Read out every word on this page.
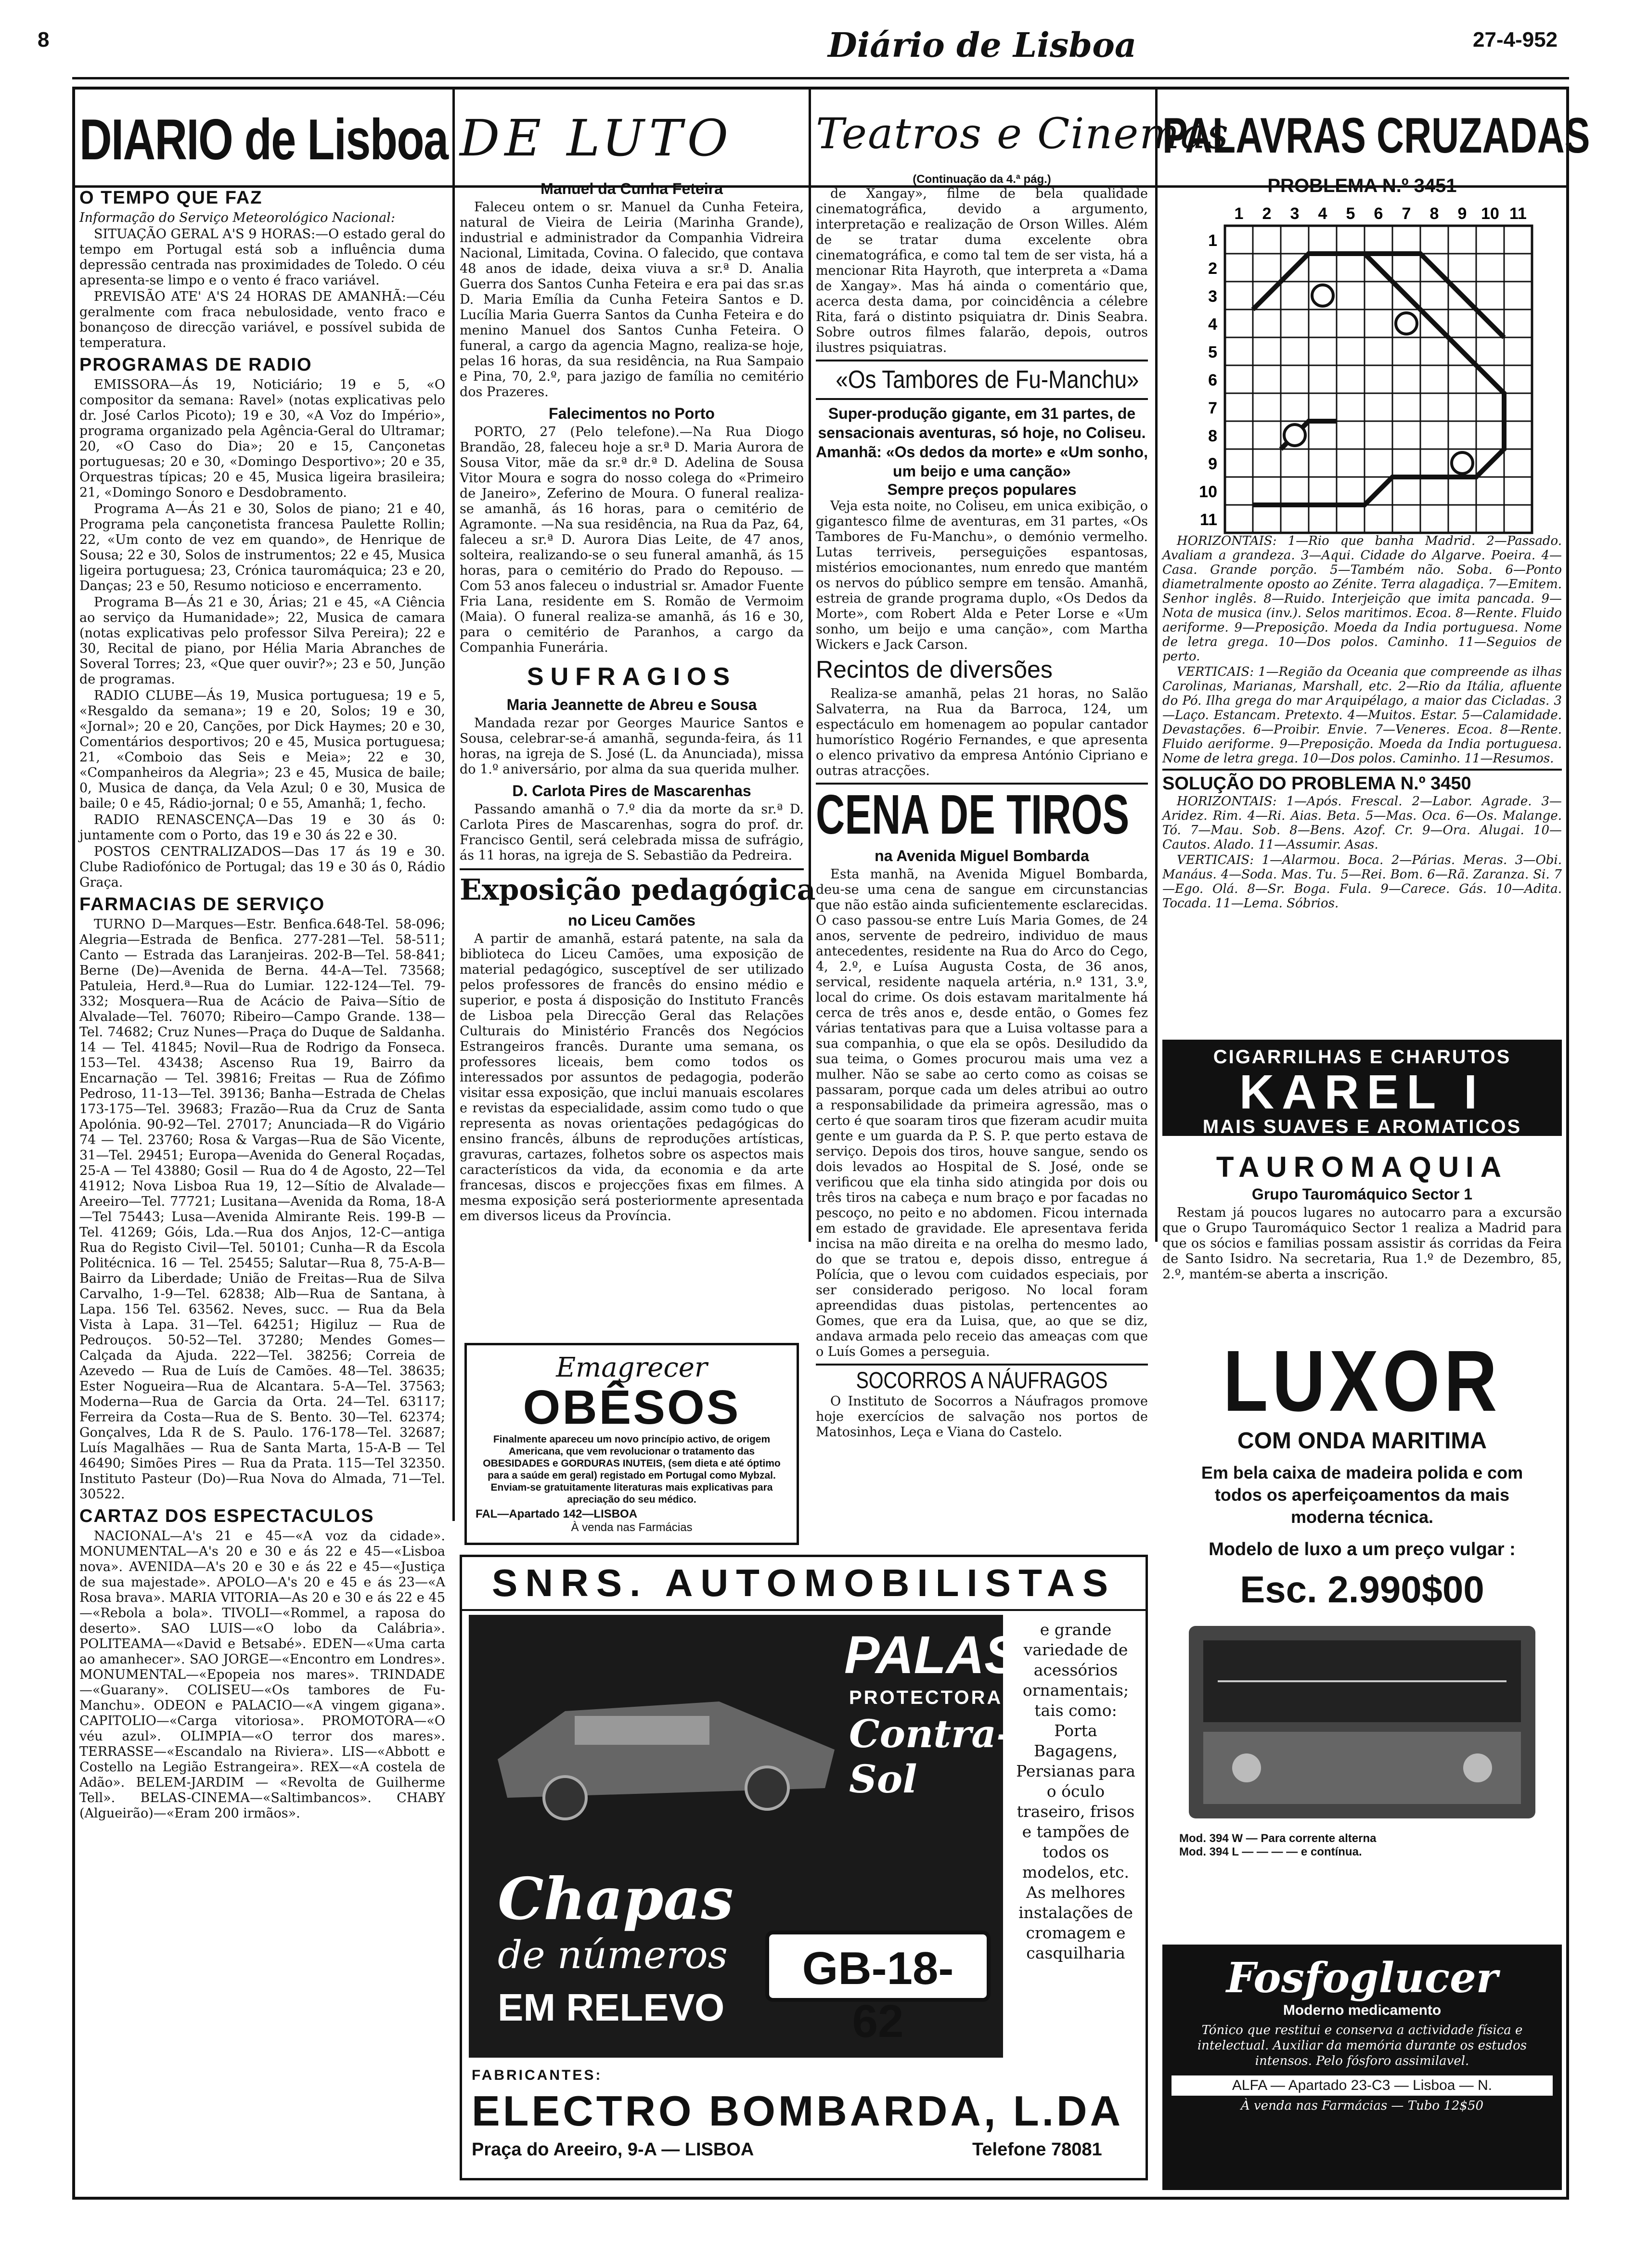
8	Diário de Lisboa	27-4-952
DIARIO de Lisboa
O TEMPO QUE FAZ

Informação do Serviço Meteorológico Nacional:

SITUAÇÃO GERAL A'S 9 HORAS:—O estado geral do tempo em Portugal está sob a influência duma depressão centrada nas proximidades de Toledo. O céu apresenta-se limpo e o vento é fraco variável.

PREVISÃO ATE' A'S 24 HORAS DE AMANHÃ:—Céu geralmente com fraca nebulosidade, vento fraco e bonançoso de direcção variável, e possível subida de temperatura.

PROGRAMAS DE RADIO

EMISSORA—Ás 19, Noticiário; 19 e 5, «O compositor da semana: Ravel» (notas explicativas pelo dr. José Carlos Picoto); 19 e 30, «A Voz do Império», programa organizado pela Agência-Geral do Ultramar; 20, «O Caso do Dia»; 20 e 15, Cançonetas portuguesas; 20 e 30, «Domingo Desportivo»; 20 e 35, Orquestras típicas; 20 e 45, Musica ligeira brasileira; 21, «Domingo Sonoro e Desdobramento.

Programa A—Ás 21 e 30, Solos de piano; 21 e 40, Programa pela cançonetista francesa Paulette Rollin; 22, «Um conto de vez em quando», de Henrique de Sousa; 22 e 30, Solos de instrumentos; 22 e 45, Musica ligeira portuguesa; 23, Crónica tauromáquica; 23 e 20, Danças; 23 e 50, Resumo noticioso e encerramento.

Programa B—Ás 21 e 30, Árias; 21 e 45, «A Ciência ao serviço da Humanidade»; 22, Musica de camara (notas explicativas pelo professor Silva Pereira); 22 e 30, Recital de piano, por Hélia Maria Abranches de Soveral Torres; 23, «Que quer ouvir?»; 23 e 50, Junção de programas.

RADIO CLUBE—Ás 19, Musica portuguesa; 19 e 5, «Resgaldo da semana»; 19 e 20, Solos; 19 e 30, «Jornal»; 20 e 20, Canções, por Dick Haymes; 20 e 30, Comentários desportivos; 20 e 45, Musica portuguesa; 21, «Comboio das Seis e Meia»; 22 e 30, «Companheiros da Alegria»; 23 e 45, Musica de baile; 0, Musica de dança, da Vela Azul; 0 e 30, Musica de baile; 0 e 45, Rádio-jornal; 0 e 55, Amanhã; 1, fecho.

RADIO RENASCENÇA—Das 19 e 30 ás 0: juntamente com o Porto, das 19 e 30 ás 22 e 30.

POSTOS CENTRALIZADOS—Das 17 ás 19 e 30. Clube Radiofónico de Portugal; das 19 e 30 ás 0, Rádio Graça.

FARMACIAS DE SERVIÇO

TURNO D—Marques—Estr. Benfica.648-Tel. 58-096; Alegria—Estrada de Benfica. 277-281—Tel. 58-511; Canto — Estrada das Laranjeiras. 202-B—Tel. 58-841; Berne (De)—Avenida de Berna. 44-A—Tel. 73568; Patuleia, Herd.ª—Rua do Lumiar. 122-124—Tel. 79-332; Mosquera—Rua de Acácio de Paiva—Sítio de Alvalade—Tel. 76070; Ribeiro—Campo Grande. 138—Tel. 74682; Cruz Nunes—Praça do Duque de Saldanha. 14 — Tel. 41845; Novil—Rua de Rodrigo da Fonseca. 153—Tel. 43438; Ascenso Rua 19, Bairro da Encarnação — Tel. 39816; Freitas — Rua de Zófimo Pedroso, 11-13—Tel. 39136; Banha—Estrada de Chelas 173-175—Tel. 39683; Frazão—Rua da Cruz de Santa Apolónia. 90-92—Tel. 27017; Anunciada—R do Vigário 74 — Tel. 23760; Rosa & Vargas—Rua de São Vicente, 31—Tel. 29451; Europa—Avenida do General Roçadas, 25-A — Tel 43880; Gosil — Rua do 4 de Agosto, 22—Tel 41912; Nova Lisboa Rua 19, 12—Sítio de Alvalade—Areeiro—Tel. 77721; Lusitana—Avenida da Roma, 18-A—Tel 75443; Lusa—Avenida Almirante Reis. 199-B — Tel. 41269; Góis, Lda.—Rua dos Anjos, 12-C—antiga Rua do Registo Civil—Tel. 50101; Cunha—R da Escola Politécnica. 16 — Tel. 25455; Salutar—Rua 8, 75-A-B—Bairro da Liberdade; União de Freitas—Rua de Silva Carvalho, 1-9—Tel. 62838; Alb—Rua de Santana, à Lapa. 156 Tel. 63562. Neves, succ. — Rua da Bela Vista à Lapa. 31—Tel. 64251; Higiluz — Rua de Pedrouços. 50-52—Tel. 37280; Mendes Gomes—Calçada da Ajuda. 222—Tel. 38256; Correia de Azevedo — Rua de Luís de Camões. 48—Tel. 38635; Ester Nogueira—Rua de Alcantara. 5-A—Tel. 37563; Moderna—Rua de Garcia da Orta. 24—Tel. 63117; Ferreira da Costa—Rua de S. Bento. 30—Tel. 62374; Gonçalves, Lda R de S. Paulo. 176-178—Tel. 32687; Luís Magalhães — Rua de Santa Marta, 15-A-B — Tel 46490; Simões Pires — Rua da Prata. 115—Tel 32350. Instituto Pasteur (Do)—Rua Nova do Almada, 71—Tel. 30522.

CARTAZ DOS ESPECTACULOS

NACIONAL—A's 21 e 45—«A voz da cidade». MONUMENTAL—A's 20 e 30 e ás 22 e 45—«Lisboa nova». AVENIDA—A's 20 e 30 e ás 22 e 45—«Justiça de sua majestade». APOLO—A's 20 e 45 e ás 23—«A Rosa brava». MARIA VITORIA—As 20 e 30 e ás 22 e 45—«Rebola a bola». TIVOLI—«Rommel, a raposa do deserto». SAO LUIS—«O lobo da Calábria». POLITEAMA—«David e Betsabé». EDEN—«Uma carta ao amanhecer». SAO JORGE—«Encontro em Londres». MONUMENTAL—«Epopeia nos mares». TRINDADE—«Guarany». COLISEU—«Os tambores de Fu-Manchu». ODEON e PALACIO—«A vingem gigana». CAPITOLIO—«Carga vitoriosa». PROMOTORA—«O véu azul». OLIMPIA—«O terror dos mares». TERRASSE—«Escandalo na Riviera». LIS—«Abbott e Costello na Legião Estrangeira». REX—«A costela de Adão». BELEM-JARDIM — «Revolta de Guilherme Tell». BELAS-CINEMA—«Saltimbancos». CHABY (Algueirão)—«Eram 200 irmãos».

DE LUTO
Manuel da Cunha Feteira

Faleceu ontem o sr. Manuel da Cunha Feteira, natural de Vieira de Leiria (Marinha Grande), industrial e administrador da Companhia Vidreira Nacional, Limitada, Covina. O falecido, que contava 48 anos de idade, deixa viuva a sr.ª D. Analia Guerra dos Santos Cunha Feteira e era pai das sr.as D. Maria Emília da Cunha Feteira Santos e D. Lucília Maria Guerra Santos da Cunha Feteira e do menino Manuel dos Santos Cunha Feteira. O funeral, a cargo da agencia Magno, realiza-se hoje, pelas 16 horas, da sua residência, na Rua Sampaio e Pina, 70, 2.º, para jazigo de família no cemitério dos Prazeres.

Falecimentos no Porto

PORTO, 27 (Pelo telefone).—Na Rua Diogo Brandão, 28, faleceu hoje a sr.ª D. Maria Aurora de Sousa Vitor, mãe da sr.ª dr.ª D. Adelina de Sousa Vitor Moura e sogra do nosso colega do «Primeiro de Janeiro», Zeferino de Moura. O funeral realiza-se amanhã, ás 16 horas, para o cemitério de Agramonte. —Na sua residência, na Rua da Paz, 64, faleceu a sr.ª D. Aurora Dias Leite, de 47 anos, solteira, realizando-se o seu funeral amanhã, ás 15 horas, para o cemitério do Prado do Repouso. —Com 53 anos faleceu o industrial sr. Amador Fuente Fria Lana, residente em S. Romão de Vermoim (Maia). O funeral realiza-se amanhã, ás 16 e 30, para o cemitério de Paranhos, a cargo da Companhia Funerária.

SUFRAGIOS
Maria Jeannette de Abreu e Sousa

Mandada rezar por Georges Maurice Santos e Sousa, celebrar-se-á amanhã, segunda-feira, ás 11 horas, na igreja de S. José (L. da Anunciada), missa do 1.º aniversário, por alma da sua querida mulher.

D. Carlota Pires de Mascarenhas

Passando amanhã o 7.º dia da morte da sr.ª D. Carlota Pires de Mascarenhas, sogra do prof. dr. Francisco Gentil, será celebrada missa de sufrágio, ás 11 horas, na igreja de S. Sebastião da Pedreira.

Exposição pedagógica
no Liceu Camões

A partir de amanhã, estará patente, na sala da biblioteca do Liceu Camões, uma exposição de material pedagógico, susceptível de ser utilizado pelos professores de francês do ensino médio e superior, e posta á disposição do Instituto Francês de Lisboa pela Direcção Geral das Relações Culturais do Ministério Francês dos Negócios Estrangeiros francês. Durante uma semana, os professores liceais, bem como todos os interessados por assuntos de pedagogia, poderão visitar essa exposição, que inclui manuais escolares e revistas da especialidade, assim como tudo o que representa as novas orientações pedagógicas do ensino francês, álbuns de reproduções artísticas, gravuras, cartazes, folhetos sobre os aspectos mais característicos da vida, da economia e da arte francesas, discos e projecções fixas em filmes. A mesma exposição será posteriormente apresentada em diversos liceus da Província.

Emagrecer
OBÊSOS
Finalmente apareceu um novo princípio activo, de origem Americana, que vem revolucionar o tratamento das OBESIDADES e GORDURAS INUTEIS, (sem dieta e até óptimo para a saúde em geral) registado em Portugal como Mybzal. Enviam-se gratuitamente literaturas mais explicativas para apreciação do seu médico.
FAL—Apartado 142—LISBOA
À venda nas Farmácias
Teatros e Cinemas
(Continuação da 4.ª pág.)

de Xangay», filme de bela qualidade cinematográfica, devido a argumento, interpretação e realização de Orson Willes. Além de se tratar duma excelente obra cinematográfica, e como tal tem de ser vista, há a mencionar Rita Hayroth, que interpreta a «Dama de Xangay». Mas há ainda o comentário que, acerca desta dama, por coincidência a célebre Rita, fará o distinto psiquiatra dr. Dinis Seabra. Sobre outros filmes falarão, depois, outros ilustres psiquiatras.

«Os Tambores de Fu-Manchu»
Super-produção gigante, em 31 partes, de sensacionais aventuras, só hoje, no Coliseu. Amanhã: «Os dedos da morte» e «Um sonho, um beijo e uma canção»
Sempre preços populares

Veja esta noite, no Coliseu, em unica exibição, o gigantesco filme de aventuras, em 31 partes, «Os Tambores de Fu-Manchu», o demónio vermelho. Lutas terriveis, perseguições espantosas, mistérios emocionantes, num enredo que mantém os nervos do público sempre em tensão. Amanhã, estreia de grande programa duplo, «Os Dedos da Morte», com Robert Alda e Peter Lorse e «Um sonho, um beijo e uma canção», com Martha Wickers e Jack Carson.

Recintos de diversões

Realiza-se amanhã, pelas 21 horas, no Salão Salvaterra, na Rua da Barroca, 124, um espectáculo em homenagem ao popular cantador humorístico Rogério Fernandes, e que apresenta o elenco privativo da empresa António Cipriano e outras atracções.

CENA DE TIROS
na Avenida Miguel Bombarda

Esta manhã, na Avenida Miguel Bombarda, deu-se uma cena de sangue em circunstancias que não estão ainda suficientemente esclarecidas. O caso passou-se entre Luís Maria Gomes, de 24 anos, servente de pedreiro, individuo de maus antecedentes, residente na Rua do Arco do Cego, 4, 2.º, e Luísa Augusta Costa, de 36 anos, servical, residente naquela artéria, n.º 131, 3.º, local do crime. Os dois estavam maritalmente há cerca de três anos e, desde então, o Gomes fez várias tentativas para que a Luisa voltasse para a sua companhia, o que ela se opôs. Desiludido da sua teima, o Gomes procurou mais uma vez a mulher. Não se sabe ao certo como as coisas se passaram, porque cada um deles atribui ao outro a responsabilidade da primeira agressão, mas o certo é que soaram tiros que fizeram acudir muita gente e um guarda da P. S. P. que perto estava de serviço. Depois dos tiros, houve sangue, sendo os dois levados ao Hospital de S. José, onde se verificou que ela tinha sido atingida por dois ou três tiros na cabeça e num braço e por facadas no pescoço, no peito e no abdomen. Ficou internada em estado de gravidade. Ele apresentava ferida incisa na mão direita e na orelha do mesmo lado, do que se tratou e, depois disso, entregue á Polícia, que o levou com cuidados especiais, por ser considerado perigoso. No local foram apreendidas duas pistolas, pertencentes ao Gomes, que era da Luisa, que, ao que se diz, andava armada pelo receio das ameaças com que o Luís Gomes a perseguia.

SOCORROS A NÁUFRAGOS

O Instituto de Socorros a Náufragos promove hoje exercícios de salvação nos portos de Matosinhos, Leça e Viana do Castelo.

PALAVRAS CRUZADAS
PROBLEMA N.º 3451
1 2 3 4 5 6 7 8 9 10 11
1
2
3
4
5
6
7
8
9
10
11

HORIZONTAIS: 1—Rio que banha Madrid. 2—Passado. Avaliam a grandeza. 3—Aqui. Cidade do Algarve. Poeira. 4—Casa. Grande porção. 5—Também não. Soba. 6—Ponto diametralmente oposto ao Zénite. Terra alagadiça. 7—Emitem. Senhor inglês. 8—Ruido. Interjeição que imita pancada. 9—Nota de musica (inv.). Selos maritimos. Ecoa. 8—Rente. Fluido aeriforme. 9—Preposição. Moeda da India portuguesa. Nome de letra grega. 10—Dos polos. Caminho. 11—Seguios de perto.

VERTICAIS: 1—Região da Oceania que compreende as ilhas Carolinas, Marianas, Marshall, etc. 2—Rio da Itália, afluente do Pó. Ilha grega do mar Arquipélago, a maior das Cicladas. 3—Laço. Estancam. Pretexto. 4—Muitos. Estar. 5—Calamidade. Devastações. 6—Proibir. Envie. 7—Veneres. Ecoa. 8—Rente. Fluido aeriforme. 9—Preposição. Moeda da India portuguesa. Nome de letra grega. 10—Dos polos. Caminho. 11—Resumos.

SOLUÇÃO DO PROBLEMA N.º 3450

HORIZONTAIS: 1—Após. Frescal. 2—Labor. Agrade. 3—Aridez. Rim. 4—Ri. Aias. Beta. 5—Mas. Oca. 6—Os. Malange. Tó. 7—Mau. Sob. 8—Bens. Azof. Cr. 9—Ora. Alugai. 10—Cautos. Alado. 11—Assumir. Asas.

VERTICAIS: 1—Alarmou. Boca. 2—Párias. Meras. 3—Obi. Manáus. 4—Soda. Mas. Tu. 5—Rei. Bom. 6—Rã. Zaranza. Si. 7—Ego. Olá. 8—Sr. Boga. Fula. 9—Carece. Gás. 10—Adita. Tocada. 11—Lema. Sóbrios.

CIGARRILHAS E CHARUTOS
KAREL I
MAIS SUAVES E AROMATICOS
TAUROMAQUIA
Grupo Tauromáquico Sector 1

Restam já poucos lugares no autocarro para a excursão que o Grupo Tauromáquico Sector 1 realiza a Madrid para que os sócios e familias possam assistir ás corridas da Feira de Santo Isidro. Na secretaria, Rua 1.º de Dezembro, 85, 2.º, mantém-se aberta a inscrição.

LUXOR
COM ONDA MARITIMA
Em bela caixa de madeira polida e com todos os aperfeiçoamentos da mais moderna técnica.
Modelo de luxo a um preço vulgar :
Esc. 2.990$00
Mod. 394 W — Para corrente alterna
Mod. 394 L — — — — e contínua.
Fosfoglucer
Moderno medicamento
Tónico que restitui e conserva a actividade física e intelectual. Auxiliar da memória durante os estudos intensos. Pelo fósforo assimilavel.
ALFA — Apartado 23-C3 — Lisboa — N.
À venda nas Farmácias — Tubo 12$50
SNRS. AUTOMOBILISTAS
PALAS
PROTECTORAS
Contra-Sol
Chapas
de números
EM RELEVO
GB-18-62
e grande variedade de acessórios ornamentais; tais como: Porta Bagagens, Persianas para o óculo traseiro, frisos e tampões de todos os modelos, etc. As melhores instalações de cromagem e casquilharia
FABRICANTES:
ELECTRO BOMBARDA, L.DA
Praça do Areeiro, 9-A — LISBOA	Telefone 78081
